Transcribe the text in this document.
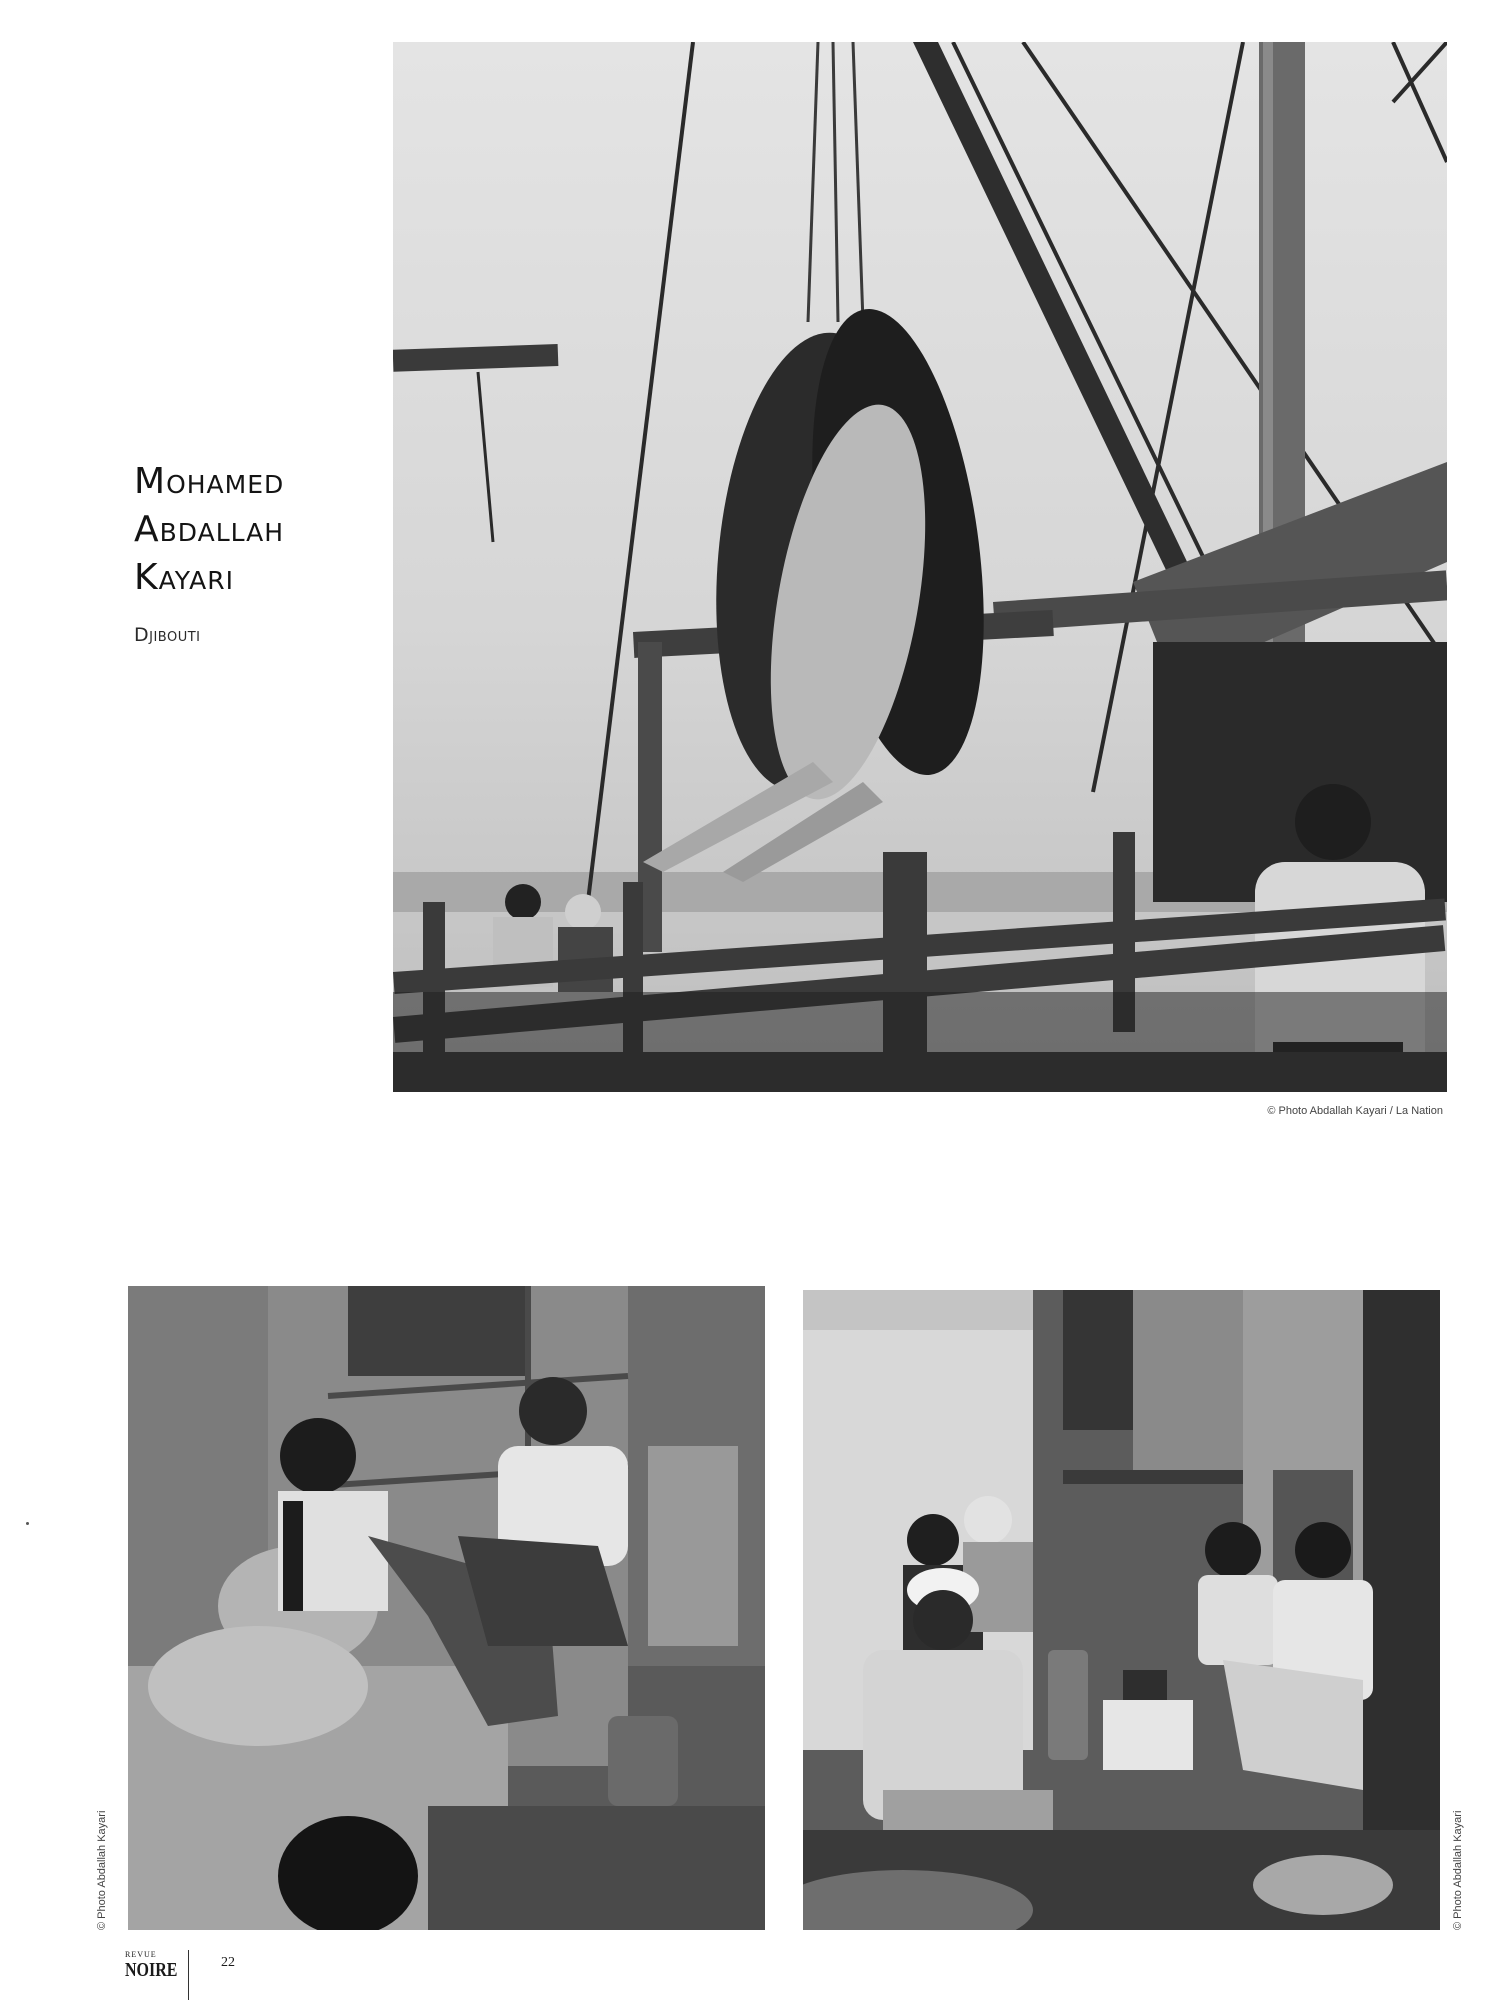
Mohamed
Abdallah
Kayari
Djibouti
© Photo Abdallah Kayari / La Nation
© Photo Abdallah Kayari	© Photo Abdallah Kayari
REVUE
NOIRE	22
